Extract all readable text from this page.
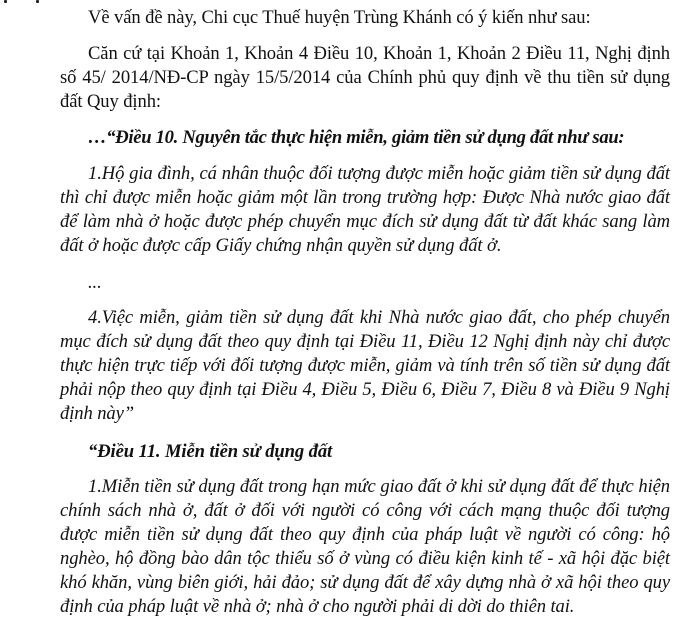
Về vấn đề này, Chi cục Thuế huyện Trùng Khánh có ý kiến như sau:

Căn cứ tại Khoản 1, Khoản 4 Điều 10, Khoản 1, Khoản 2 Điều 11, Nghị định số 45/ 2014/NĐ-CP ngày 15/5/2014 của Chính phủ quy định về thu tiền sử dụng đất Quy định:

…“Điều 10. Nguyên tắc thực hiện miễn, giảm tiền sử dụng đất như sau:

1.Hộ gia đình, cá nhân thuộc đối tượng được miễn hoặc giảm tiền sử dụng đất thì chỉ được miễn hoặc giảm một lần trong trường hợp: Được Nhà nước giao đất để làm nhà ở hoặc được phép chuyển mục đích sử dụng đất từ đất khác sang làm đất ở hoặc được cấp Giấy chứng nhận quyền sử dụng đất ở.

...

4.Việc miễn, giảm tiền sử dụng đất khi Nhà nước giao đất, cho phép chuyển mục đích sử dụng đất theo quy định tại Điều 11, Điều 12 Nghị định này chỉ được thực hiện trực tiếp với đối tượng được miễn, giảm và tính trên số tiền sử dụng đất phải nộp theo quy định tại Điều 4, Điều 5, Điều 6, Điều 7, Điều 8 và Điều 9 Nghị định này”

“Điều 11. Miễn tiền sử dụng đất

1.Miễn tiền sử dụng đất trong hạn mức giao đất ở khi sử dụng đất để thực hiện chính sách nhà ở, đất ở đối với người có công với cách mạng thuộc đối tượng được miễn tiền sử dụng đất theo quy định của pháp luật về người có công: hộ nghèo, hộ đồng bào dân tộc thiểu số ở vùng có điều kiện kinh tế - xã hội đặc biệt khó khăn, vùng biên giới, hải đảo; sử dụng đất để xây dựng nhà ở xã hội theo quy định của pháp luật về nhà ở; nhà ở cho người phải di dời do thiên tai.
